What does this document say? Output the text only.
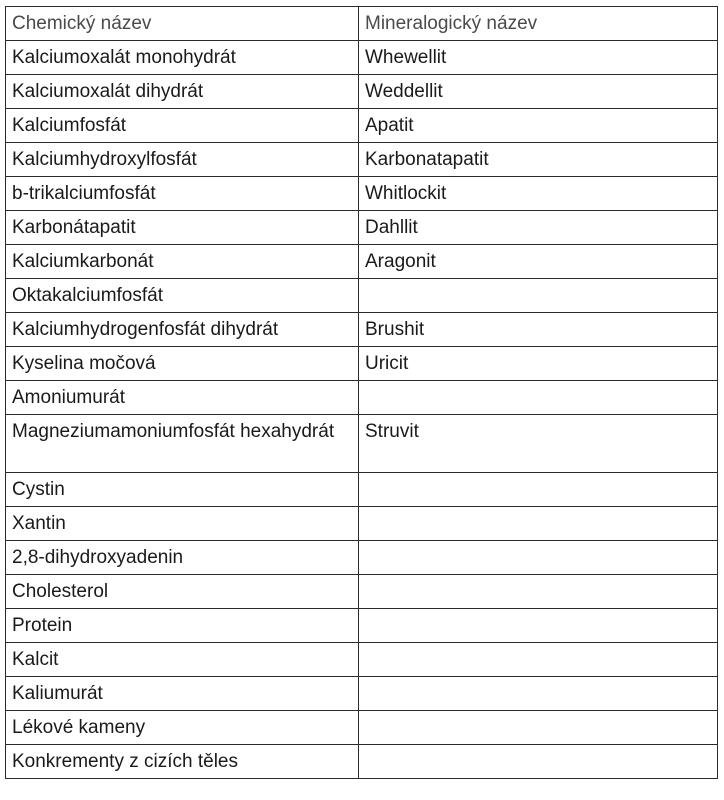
Chemický název	Mineralogický název
Kalciumoxalát monohydrát	Whewellit
Kalciumoxalát dihydrát	Weddellit
Kalciumfosfát	Apatit
Kalciumhydroxylfosfát	Karbonatapatit
b-trikalciumfosfát	Whitlockit
Karbonátapatit	Dahllit
Kalciumkarbonát	Aragonit
Oktakalciumfosfát	
Kalciumhydrogenfosfát dihydrát	Brushit
Kyselina močová	Uricit
Amoniumurát	
Magneziumamoniumfosfát hexahydrát	Struvit
Cystin	
Xantin	
2,8-dihydroxyadenin	
Cholesterol	
Protein	
Kalcit	
Kaliumurát	
Lékové kameny	
Konkrementy z cizích těles	
